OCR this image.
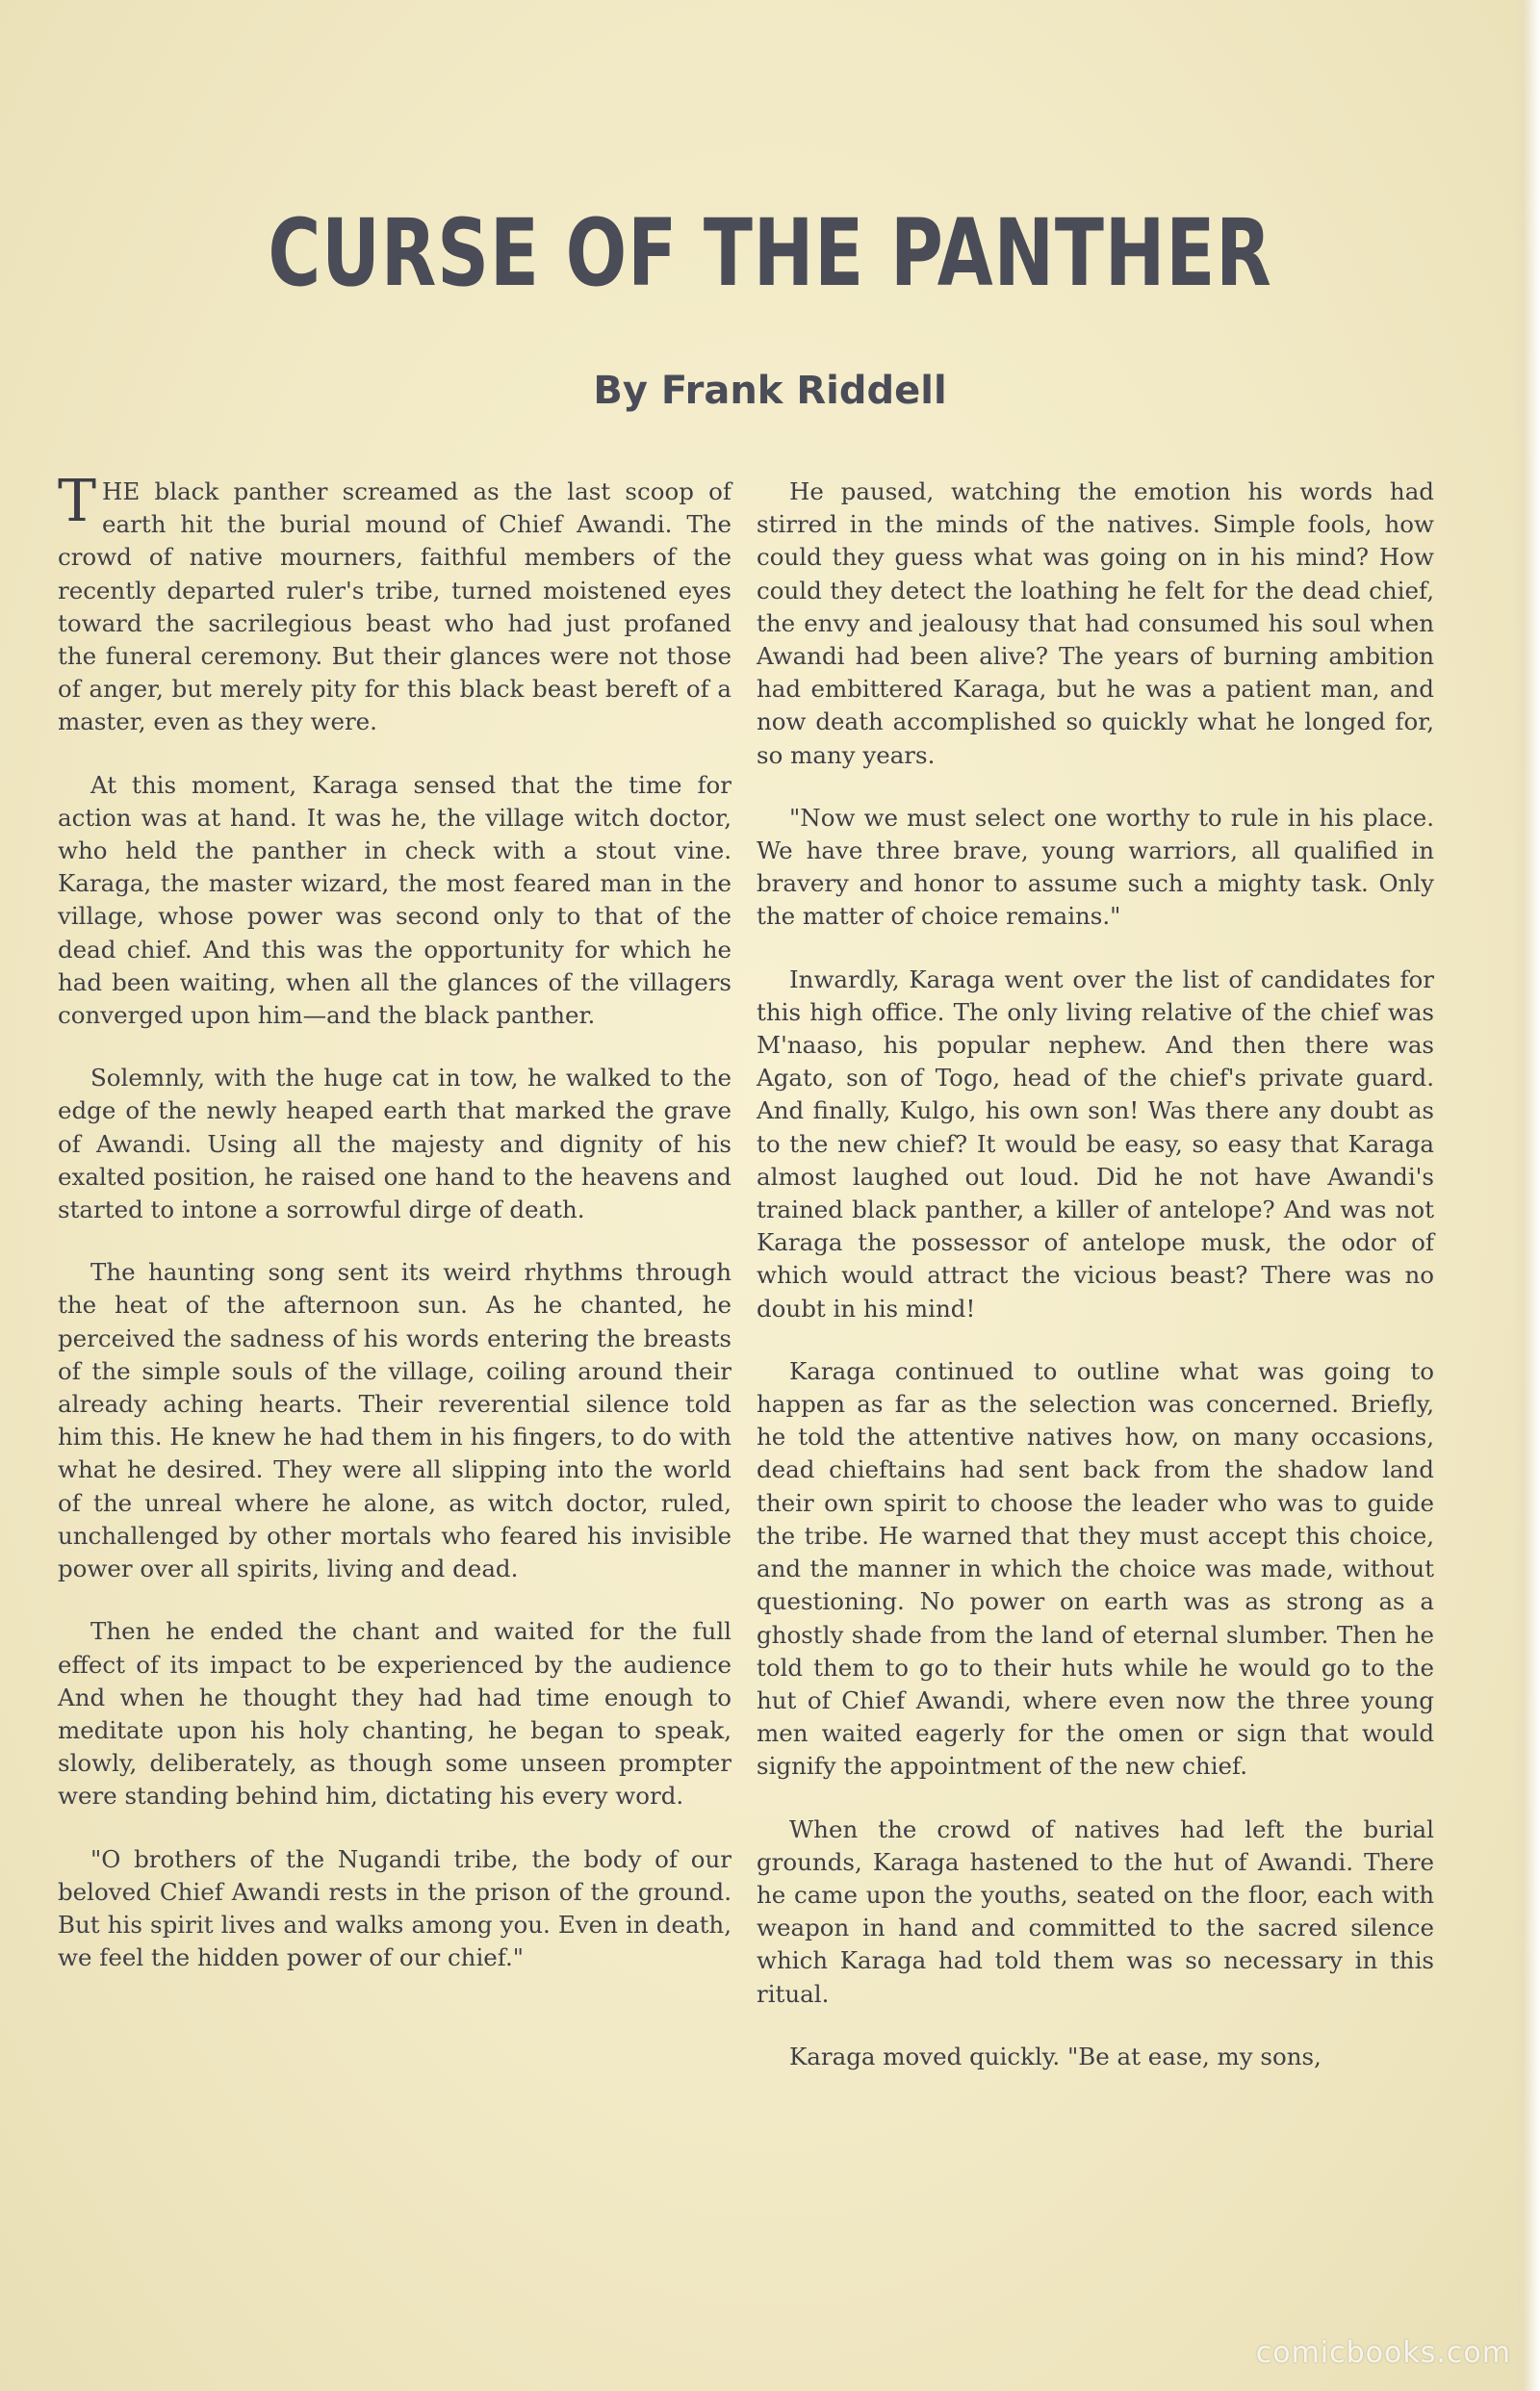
CURSE OF THE PANTHER
By Frank Riddell

THE black panther screamed as the last scoop of earth hit the burial mound of Chief Awandi. The crowd of native mourners, faithful members of the recently departed ruler's tribe, turned moistened eyes toward the sacrilegious beast who had just profaned the funeral ceremony. But their glances were not those of anger, but merely pity for this black beast bereft of a master, even as they were.

At this moment, Karaga sensed that the time for action was at hand. It was he, the village witch doctor, who held the panther in check with a stout vine. Karaga, the master wizard, the most feared man in the village, whose power was second only to that of the dead chief. And this was the opportunity for which he had been waiting, when all the glances of the villagers converged upon him—and the black panther.

Solemnly, with the huge cat in tow, he walked to the edge of the newly heaped earth that marked the grave of Awandi. Using all the majesty and dignity of his exalted position, he raised one hand to the heavens and started to intone a sorrowful dirge of death.

The haunting song sent its weird rhythms through the heat of the afternoon sun. As he chanted, he perceived the sadness of his words entering the breasts of the simple souls of the village, coiling around their already aching hearts. Their reverential silence told him this. He knew he had them in his fingers, to do with what he desired. They were all slipping into the world of the unreal where he alone, as witch doctor, ruled, unchallenged by other mortals who feared his invisible power over all spirits, living and dead.

Then he ended the chant and waited for the full effect of its impact to be experienced by the audience And when he thought they had had time enough to meditate upon his holy chanting, he began to speak, slowly, deliberately, as though some unseen prompter were standing behind him, dictating his every word.

"O brothers of the Nugandi tribe, the body of our beloved Chief Awandi rests in the prison of the ground. But his spirit lives and walks among you. Even in death, we feel the hidden power of our chief."

He paused, watching the emotion his words had stirred in the minds of the natives. Simple fools, how could they guess what was going on in his mind? How could they detect the loathing he felt for the dead chief, the envy and jealousy that had consumed his soul when Awandi had been alive? The years of burning ambition had embittered Karaga, but he was a patient man, and now death accomplished so quickly what he longed for, so many years.

"Now we must select one worthy to rule in his place. We have three brave, young warriors, all qualified in bravery and honor to assume such a mighty task. Only the matter of choice remains."

Inwardly, Karaga went over the list of candidates for this high office. The only living relative of the chief was M'naaso, his popular nephew. And then there was Agato, son of Togo, head of the chief's private guard. And finally, Kulgo, his own son! Was there any doubt as to the new chief? It would be easy, so easy that Karaga almost laughed out loud. Did he not have Awandi's trained black panther, a killer of antelope? And was not Karaga the possessor of antelope musk, the odor of which would attract the vicious beast? There was no doubt in his mind!

Karaga continued to outline what was going to happen as far as the selection was concerned. Briefly, he told the attentive natives how, on many occasions, dead chieftains had sent back from the shadow land their own spirit to choose the leader who was to guide the tribe. He warned that they must accept this choice, and the manner in which the choice was made, without questioning. No power on earth was as strong as a ghostly shade from the land of eternal slumber. Then he told them to go to their huts while he would go to the hut of Chief Awandi, where even now the three young men waited eagerly for the omen or sign that would signify the appointment of the new chief.

When the crowd of natives had left the burial grounds, Karaga hastened to the hut of Awandi. There he came upon the youths, seated on the floor, each with weapon in hand and committed to the sacred silence which Karaga had told them was so necessary in this ritual.

Karaga moved quickly. "Be at ease, my sons,

comicbooks.com
